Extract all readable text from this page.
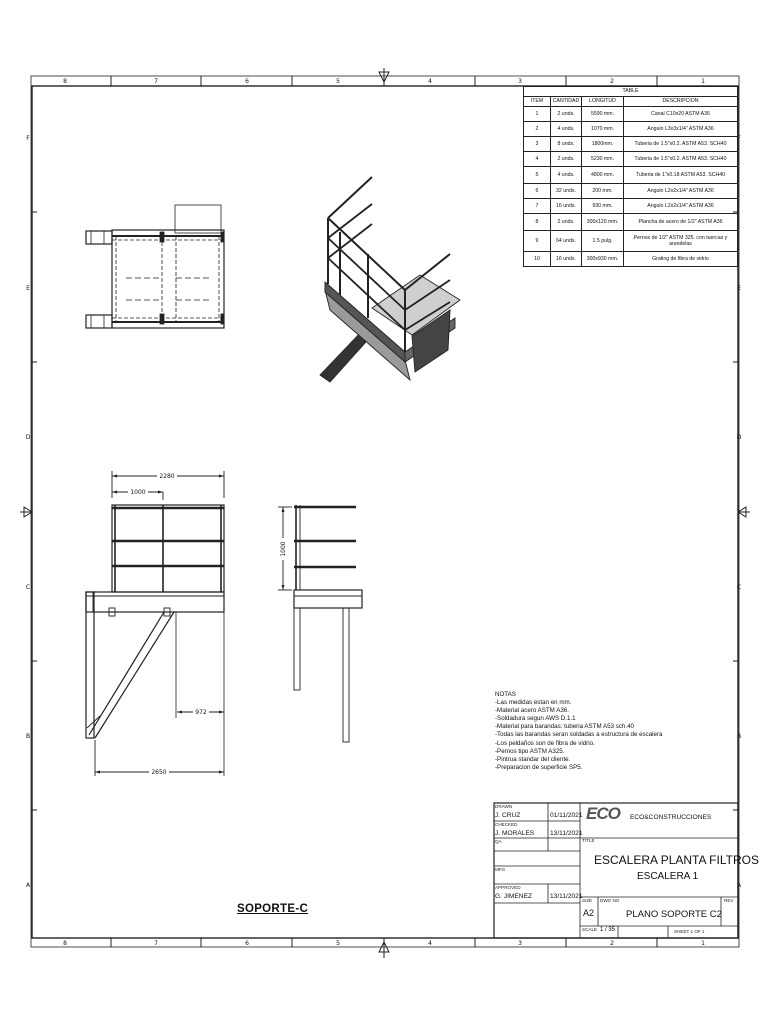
8	7	6	5	4	3	2	1
8	7	6	5	4	3	2	1
F
E
D
C
B
A
F
E
D
C
B
A
2280
1000
972
2650
1000
TABLE			
ITEM	CANTIDAD	LONGITUD	DESCRIPCION
1	2 unds.	5590 mm.	Canal C10x20 ASTM A36
2	4 unds.	1070 mm.	Angulo L3x3x1/4" ASTM A36
3	8 unds.	1800mm.	Tuberia de 1.5"x0.2. ASTM A53. SCH40
4	2 unds.	5230 mm.	Tuberia de 1.5"x0.2. ASTM A53. SCH40
5	4 unds.	4800 mm.	Tuberia de 1"x0.18 ASTM A53. SCH40
6	32 unds.	200 mm.	Angulo L2x2x1/4" ASTM A36
7	16 unds.	930 mm.	Angulo L2x2x1/4" ASTM A36
8	2 unds.	300x120 mm.	Plancha de acero de 1/2" ASTM A36
9	64 unds.	1.5 pulg.	Pernos de 1/2" ASTM 325. con tuercas y arandelas
10	16 unds.	300x930 mm.	Grating de fibra de vidrio
NOTAS
-Las medidas estan en mm.
-Material acero ASTM A36.
-Soldadura segun AWS D.1.1
-Material para barandas: tuberia ASTM A53 sch.40
-Todas las barandas seran soldadas a estructura de escalera
-Los peldaños son de fibra de vidrio.
-Pernos tipo ASTM A325.
-Pintrua standar del cliente.
-Preparacion de superficie SP5.
DRAWN
J. CRUZ	01/11/2021
CHECKED
J. MORALES 13/11/2021
QA
MFG
APPROVED
G. JIMENEZ	13/11/2021
ECO ECO&CONSTRUCCIONES
TITLE
ESCALERA PLANTA FILTROS
ESCALERA 1
SIZE
A2
DWG NO
PLANO SOPORTE C2
REV
SCALE 1 / 35	SHEET 1 OF 1
SOPORTE-C
